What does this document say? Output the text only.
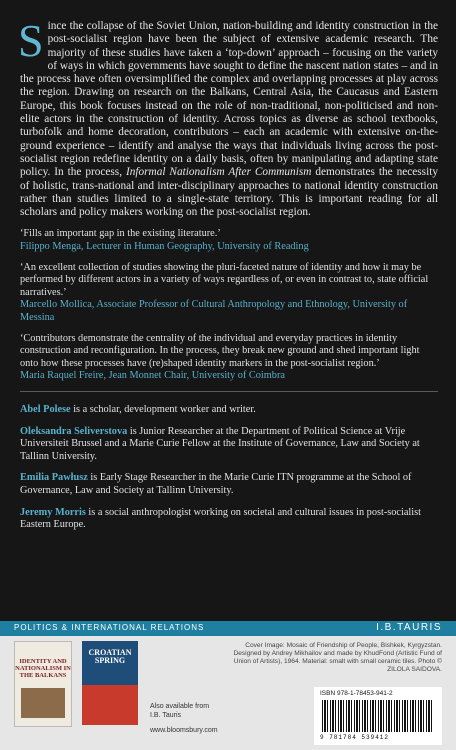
Since the collapse of the Soviet Union, nation-building and identity construction in the post-socialist region have been the subject of extensive academic research. The majority of these studies have taken a ‘top-down’ approach – focusing on the variety of ways in which governments have sought to define the nascent nation states – and in the process have often oversimplified the complex and overlapping processes at play across the region. Drawing on research on the Balkans, Central Asia, the Caucasus and Eastern Europe, this book focuses instead on the role of non-traditional, non-politicised and non-elite actors in the construction of identity. Across topics as diverse as school textbooks, turbofolk and home decoration, contributors – each an academic with extensive on-the-ground experience – identify and analyse the ways that individuals living across the post-socialist region redefine identity on a daily basis, often by manipulating and adapting state policy. In the process, Informal Nationalism After Communism demonstrates the necessity of holistic, trans-national and inter-disciplinary approaches to national identity construction rather than studies limited to a single-state territory. This is important reading for all scholars and policy makers working on the post-socialist region.

‘Fills an important gap in the existing literature.’

Filippo Menga, Lecturer in Human Geography, University of Reading

‘An excellent collection of studies showing the pluri-faceted nature of identity and how it may be performed by different actors in a variety of ways regardless of, or even in contrast to, state official narratives.’

Marcello Mollica, Associate Professor of Cultural Anthropology and Ethnology, University of Messina

‘Contributors demonstrate the centrality of the individual and everyday practices in identity construction and reconfiguration. In the process, they break new ground and shed important light onto how these processes have (re)shaped identity markers in the post-socialist region.’

Maria Raquel Freire, Jean Monnet Chair, University of Coimbra

Abel Polese is a scholar, development worker and writer.

Oleksandra Seliverstova is Junior Researcher at the Department of Political Science at Vrije Universiteit Brussel and a Marie Curie Fellow at the Institute of Governance, Law and Society at Tallinn University.

Emilia Pawłusz is Early Stage Researcher in the Marie Curie ITN programme at the School of Governance, Law and Society at Tallinn University.

Jeremy Morris is a social anthropologist working on societal and cultural issues in post-socialist Eastern Europe.

POLITICS & INTERNATIONAL RELATIONS	I.B.TAURIS
IDENTITY AND NATIONALISM IN THE BALKANS
CROATIAN SPRING
Also available from I.B. Tauris
www.bloomsbury.com
Cover Image: Mosaic of Friendship of People, Bishkek, Kyrgyzstan. Designed by Andrey Mikhailov and made by KhudFond (Artistic Fund of Union of Artists), 1964. Material: smalt with small ceramic tiles. Photo © ZILOLA SAIDOVA.
ISBN 978-1-78453-941-2
9 781784 539412
